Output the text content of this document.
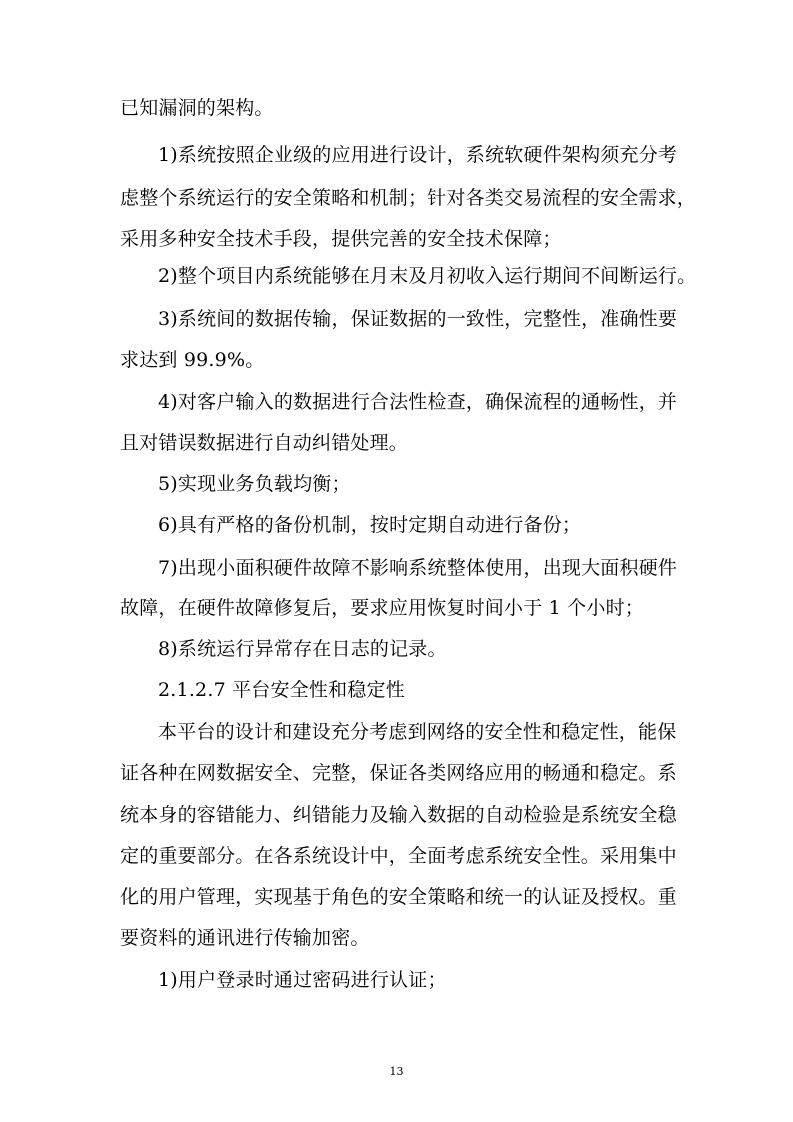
已知漏洞的架构。
1)系统按照企业级的应用进行设计，系统软硬件架构须充分考
虑整个系统运行的安全策略和机制；针对各类交易流程的安全需求，
采用多种安全技术手段，提供完善的安全技术保障；
2)整个项目内系统能够在月末及月初收入运行期间不间断运行。
3)系统间的数据传输，保证数据的一致性，完整性，准确性要
求达到 99.9%。
4)对客户输入的数据进行合法性检查，确保流程的通畅性，并
且对错误数据进行自动纠错处理。
5)实现业务负载均衡；
6)具有严格的备份机制，按时定期自动进行备份；
7)出现小面积硬件故障不影响系统整体使用，出现大面积硬件
故障，在硬件故障修复后，要求应用恢复时间小于 1 个小时；
8)系统运行异常存在日志的记录。
2.1.2.7 平台安全性和稳定性
本平台的设计和建设充分考虑到网络的安全性和稳定性，能保
证各种在网数据安全、完整，保证各类网络应用的畅通和稳定。系
统本身的容错能力、纠错能力及输入数据的自动检验是系统安全稳
定的重要部分。在各系统设计中，全面考虑系统安全性。采用集中
化的用户管理，实现基于角色的安全策略和统一的认证及授权。重
要资料的通讯进行传输加密。
1)用户登录时通过密码进行认证；
13
